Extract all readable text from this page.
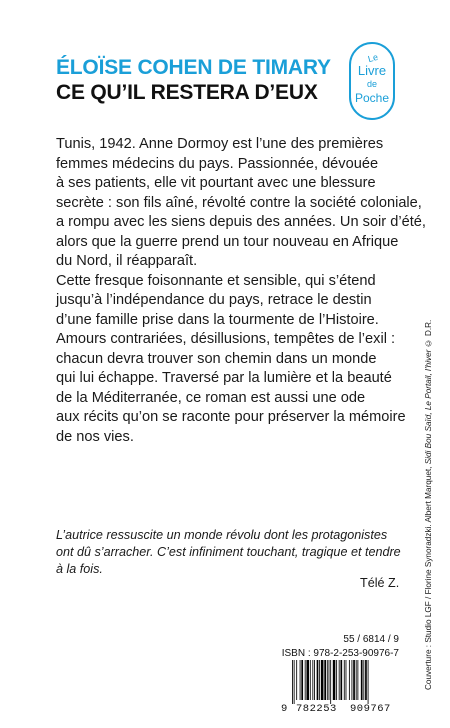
ÉLOÏSE COHEN DE TIMARY
CE QU’IL RESTERA D’EUX
Le
Livre
de
Poche

Tunis, 1942. Anne Dormoy est l’une des premières

femmes médecins du pays. Passionnée, dévouée

à ses patients, elle vit pourtant avec une blessure

secrète : son fils aîné, révolté contre la société coloniale,

a rompu avec les siens depuis des années. Un soir d’été,

alors que la guerre prend un tour nouveau en Afrique

du Nord, il réapparaît.

Cette fresque foisonnante et sensible, qui s’étend

jusqu’à l’indépendance du pays, retrace le destin

d’une famille prise dans la tourmente de l’Histoire.

Amours contrariées, désillusions, tempêtes de l’exil :

chacun devra trouver son chemin dans un monde

qui lui échappe. Traversé par la lumière et la beauté

de la Méditerranée, ce roman est aussi une ode

aux récits qu’on se raconte pour préserver la mémoire

de nos vies.

L’autrice ressuscite un monde révolu dont les protagonistes

ont dû s’arracher. C’est infiniment touchant, tragique et tendre

à la fois.

Télé Z.	Couverture : Studio LGF / Florine Synoradzki. Albert Marquet, Sidi Bou Saïd, Le Portail, l’hiver © D.R.
55 / 6814 / 9
ISBN : 978-2-253-90976-7
9 782253 909767
